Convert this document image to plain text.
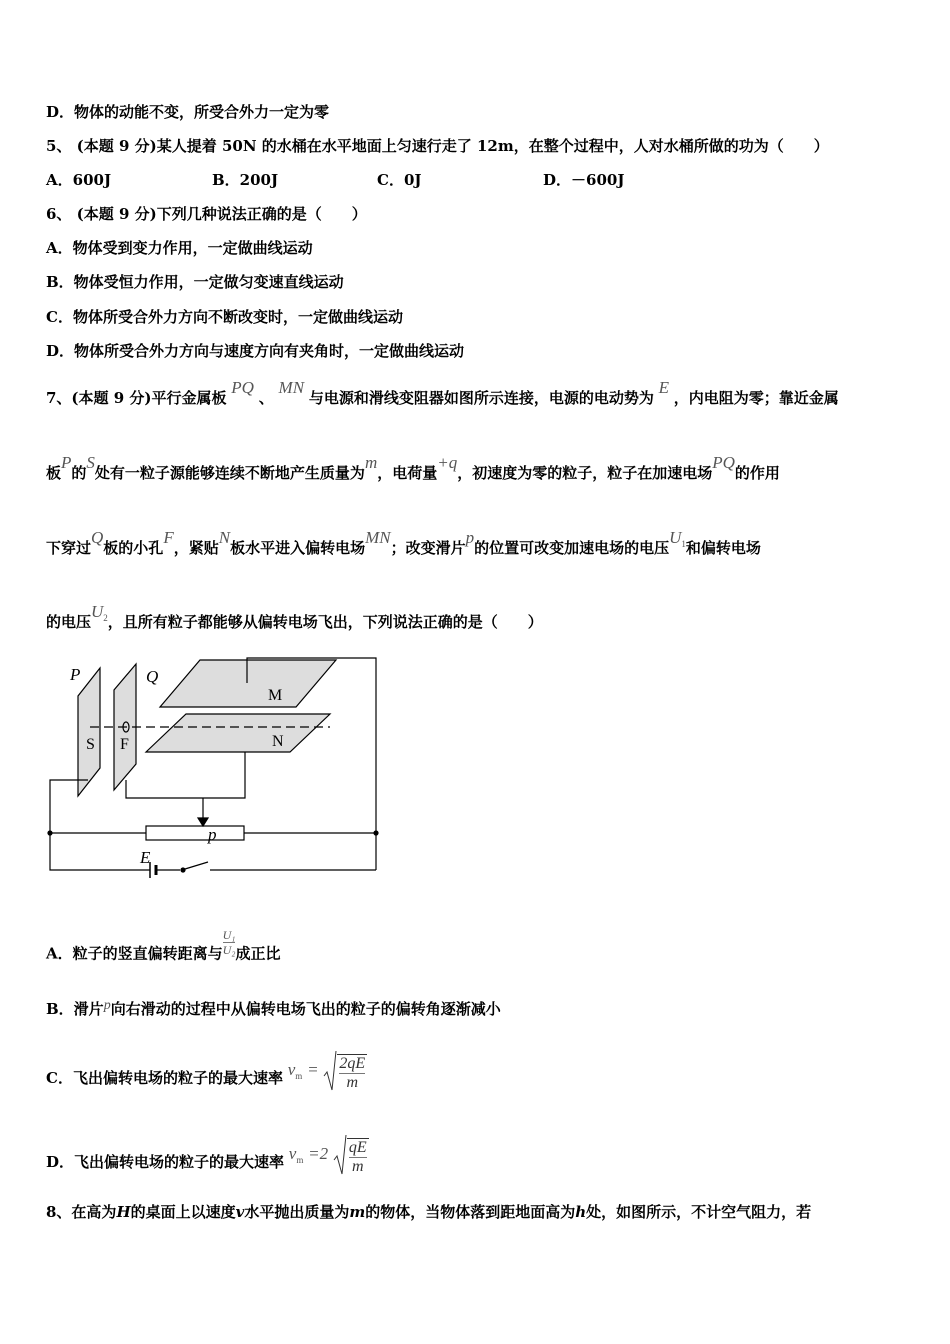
D．物体的动能不变，所受合外力一定为零
5、 (本题 9 分)某人提着 50N 的水桶在水平地面上匀速行走了 12m，在整个过程中，人对水桶所做的功为（　　）
A．600J	B．200J	C．0J	D．－600J
6、 (本题 9 分)下列几种说法正确的是（　　）
A．物体受到变力作用，一定做曲线运动
B．物体受恒力作用，一定做匀变速直线运动
C．物体所受合外力方向不断改变时，一定做曲线运动
D．物体所受合外力方向与速度方向有夹角时，一定做曲线运动
7、(本题 9 分)平行金属板 PQ 、 MN 与电源和滑线变阻器如图所示连接，电源的电动势为 E ，内电阻为零；靠近金属
板P的S处有一粒子源能够连续不断地产生质量为m，电荷量+q，初速度为零的粒子，粒子在加速电场PQ的作用
下穿过Q板的小孔F，紧贴N板水平进入偏转电场MN；改变滑片p的位置可改变加速电场的电压$U_1$和偏转电场
的电压$U_2$，且所有粒子都能够从偏转电场飞出，下列说法正确的是（　　）
P	Q
p
E
M
N
S F
A．粒子的竖直偏转距离与 $\frac{\text{U₁}}{\text{U₂}}$ 成正比
B．滑片p向右滑动的过程中从偏转电场飞出的粒子的偏转角逐渐减小
C．飞出偏转电场的粒子的最大速率 $v_m = \frac{2qE}{m}$
D．飞出偏转电场的粒子的最大速率 $v_m =2 \frac{qE}{m}$
8、在高为H的桌面上以速度v水平抛出质量为m的物体，当物体落到距地面高为h处，如图所示，不计空气阻力，若
